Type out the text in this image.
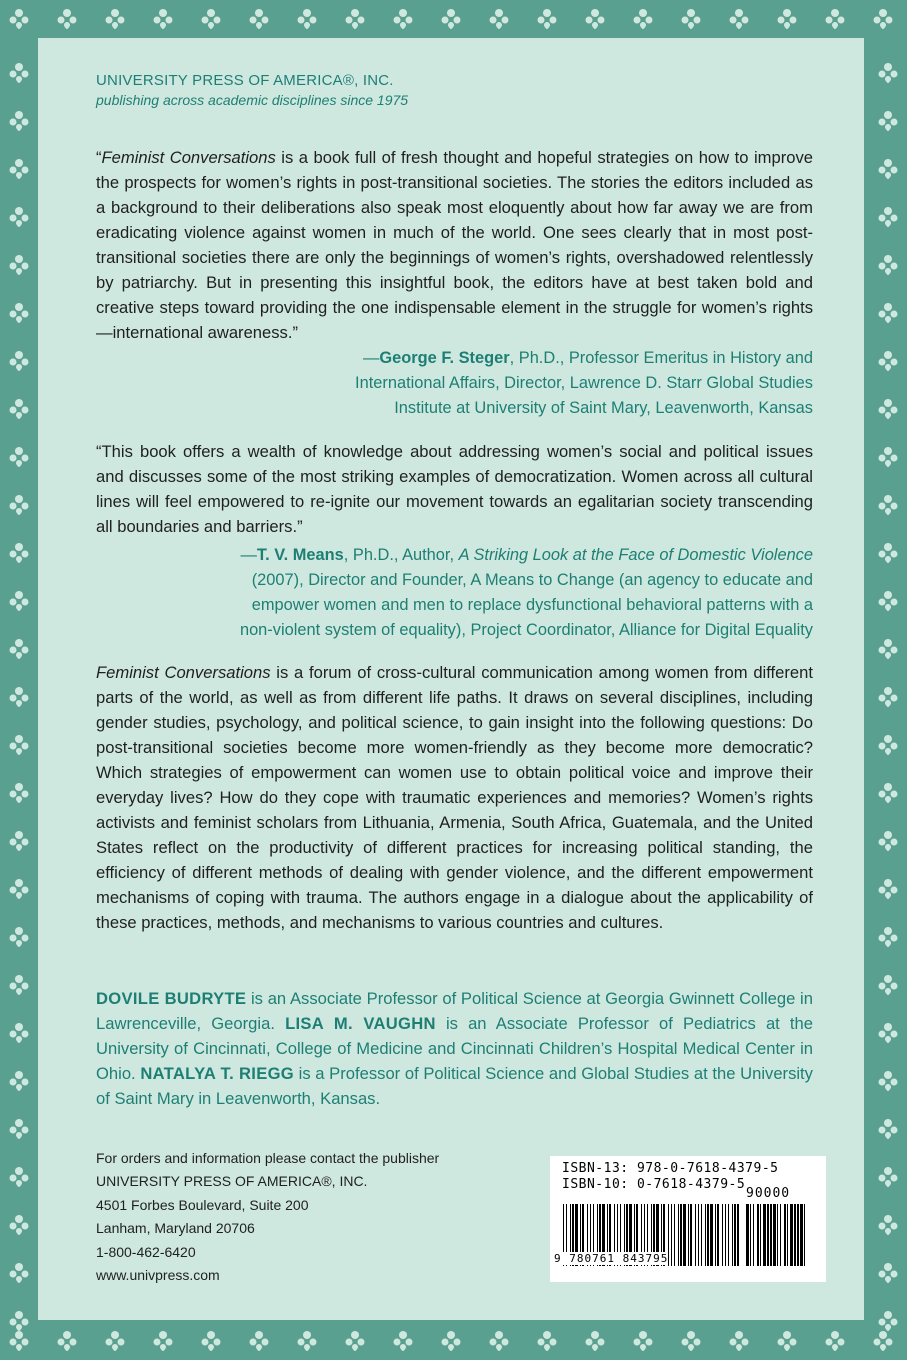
UNIVERSITY PRESS OF AMERICA®, INC.
publishing across academic disciplines since 1975
“Feminist Conversations is a book full of fresh thought and hopeful strategies on how to improve the prospects for women’s rights in post-transitional societies. The stories the editors included as a background to their deliberations also speak most eloquently about how far away we are from eradicating violence against women in much of the world. One sees clearly that in most post-transitional societies there are only the beginnings of women’s rights, overshadowed relentlessly by patriarchy. But in presenting this insightful book, the editors have at best taken bold and creative steps toward providing the one indispensable element in the struggle for women’s rights—international awareness.”
—George F. Steger, Ph.D., Professor Emeritus in History and
International Affairs, Director, Lawrence D. Starr Global Studies
Institute at University of Saint Mary, Leavenworth, Kansas
“This book offers a wealth of knowledge about addressing women’s social and political issues and discusses some of the most striking examples of democratization. Women across all cultural lines will feel empowered to re-ignite our movement towards an egalitarian society transcending all boundaries and barriers.”
—T. V. Means, Ph.D., Author, A Striking Look at the Face of Domestic Violence
(2007), Director and Founder, A Means to Change (an agency to educate and
empower women and men to replace dysfunctional behavioral patterns with a
non-violent system of equality), Project Coordinator, Alliance for Digital Equality
Feminist Conversations is a forum of cross-cultural communication among women from different parts of the world, as well as from different life paths. It draws on several disciplines, including gender studies, psychology, and political science, to gain insight into the following questions: Do post-transitional societies become more women-friendly as they become more democratic? Which strategies of empowerment can women use to obtain political voice and improve their everyday lives? How do they cope with traumatic experiences and memories? Women’s rights activists and feminist scholars from Lithuania, Armenia, South Africa, Guatemala, and the United States reflect on the productivity of different practices for increasing political standing, the efficiency of different methods of dealing with gender violence, and the different empowerment mechanisms of coping with trauma. The authors engage in a dialogue about the applicability of these practices, methods, and mechanisms to various countries and cultures.
DOVILE BUDRYTE is an Associate Professor of Political Science at Georgia Gwinnett College in Lawrenceville, Georgia. LISA M. VAUGHN is an Associate Professor of Pediatrics at the University of Cincinnati, College of Medicine and Cincinnati Children’s Hospital Medical Center in Ohio. NATALYA T. RIEGG is a Professor of Political Science and Global Studies at the University of Saint Mary in Leavenworth, Kansas.
For orders and information please contact the publisher
UNIVERSITY PRESS OF AMERICA®, INC.
4501 Forbes Boulevard, Suite 200
Lanham, Maryland 20706
1-800-462-6420
www.univpress.com
ISBN-13: 978-0-7618-4379-5
ISBN-10: 0-7618-4379-5
90000
9 780761 843795
